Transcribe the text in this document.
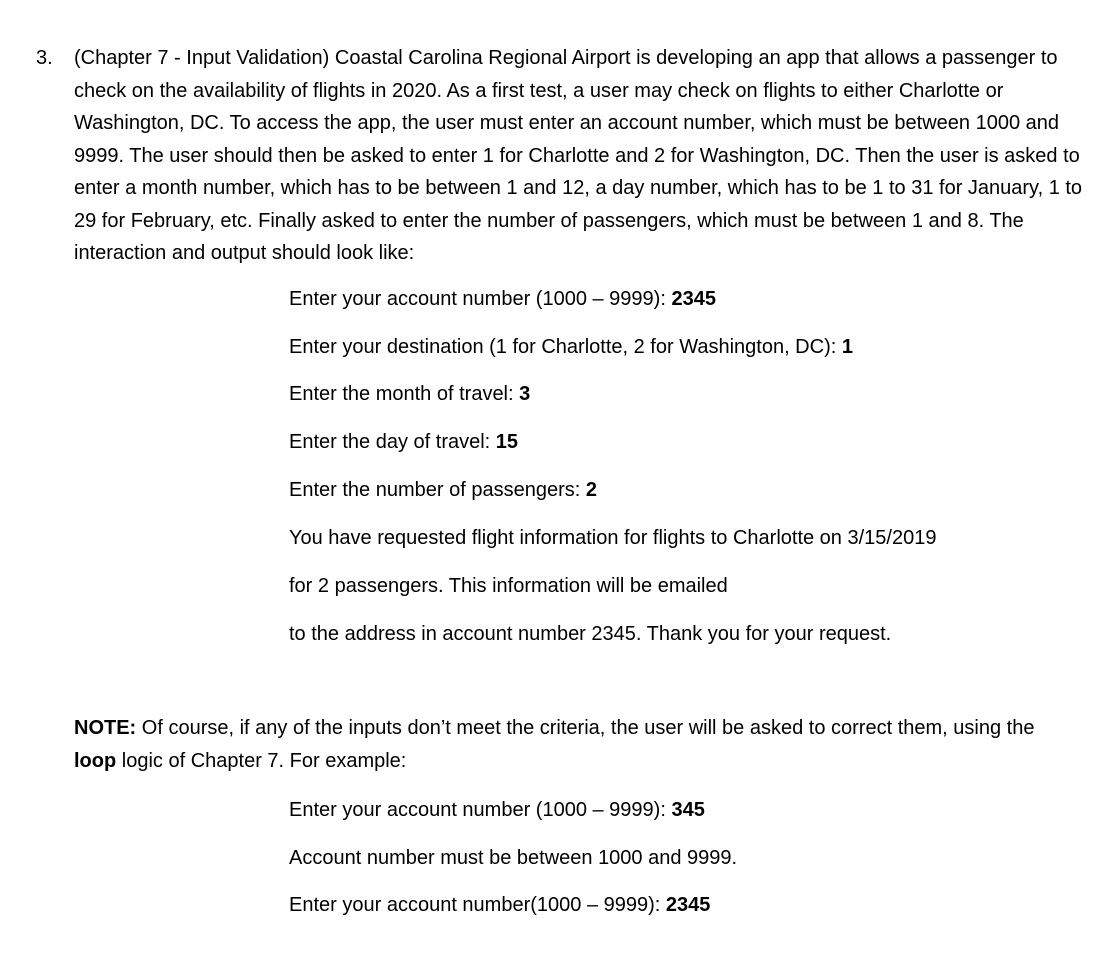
3. (Chapter 7 - Input Validation) Coastal Carolina Regional Airport is developing an app that allows a passenger to check on the availability of flights in 2020. As a first test, a user may check on flights to either Charlotte or Washington, DC. To access the app, the user must enter an account number, which must be between 1000 and 9999. The user should then be asked to enter 1 for Charlotte and 2 for Washington, DC. Then the user is asked to enter a month number, which has to be between 1 and 12, a day number, which has to be 1 to 31 for January, 1 to 29 for February, etc. Finally asked to enter the number of passengers, which must be between 1 and 8. The interaction and output should look like:
Enter your account number (1000 – 9999): 2345
Enter your destination (1 for Charlotte, 2 for Washington, DC): 1
Enter the month of travel: 3
Enter the day of travel: 15
Enter the number of passengers: 2
You have requested flight information for flights to Charlotte on 3/15/2019
for 2 passengers. This information will be emailed
to the address in account number 2345. Thank you for your request.
NOTE: Of course, if any of the inputs don’t meet the criteria, the user will be asked to correct them, using the loop logic of Chapter 7. For example:
Enter your account number (1000 – 9999): 345
Account number must be between 1000 and 9999.
Enter your account number(1000 – 9999): 2345
